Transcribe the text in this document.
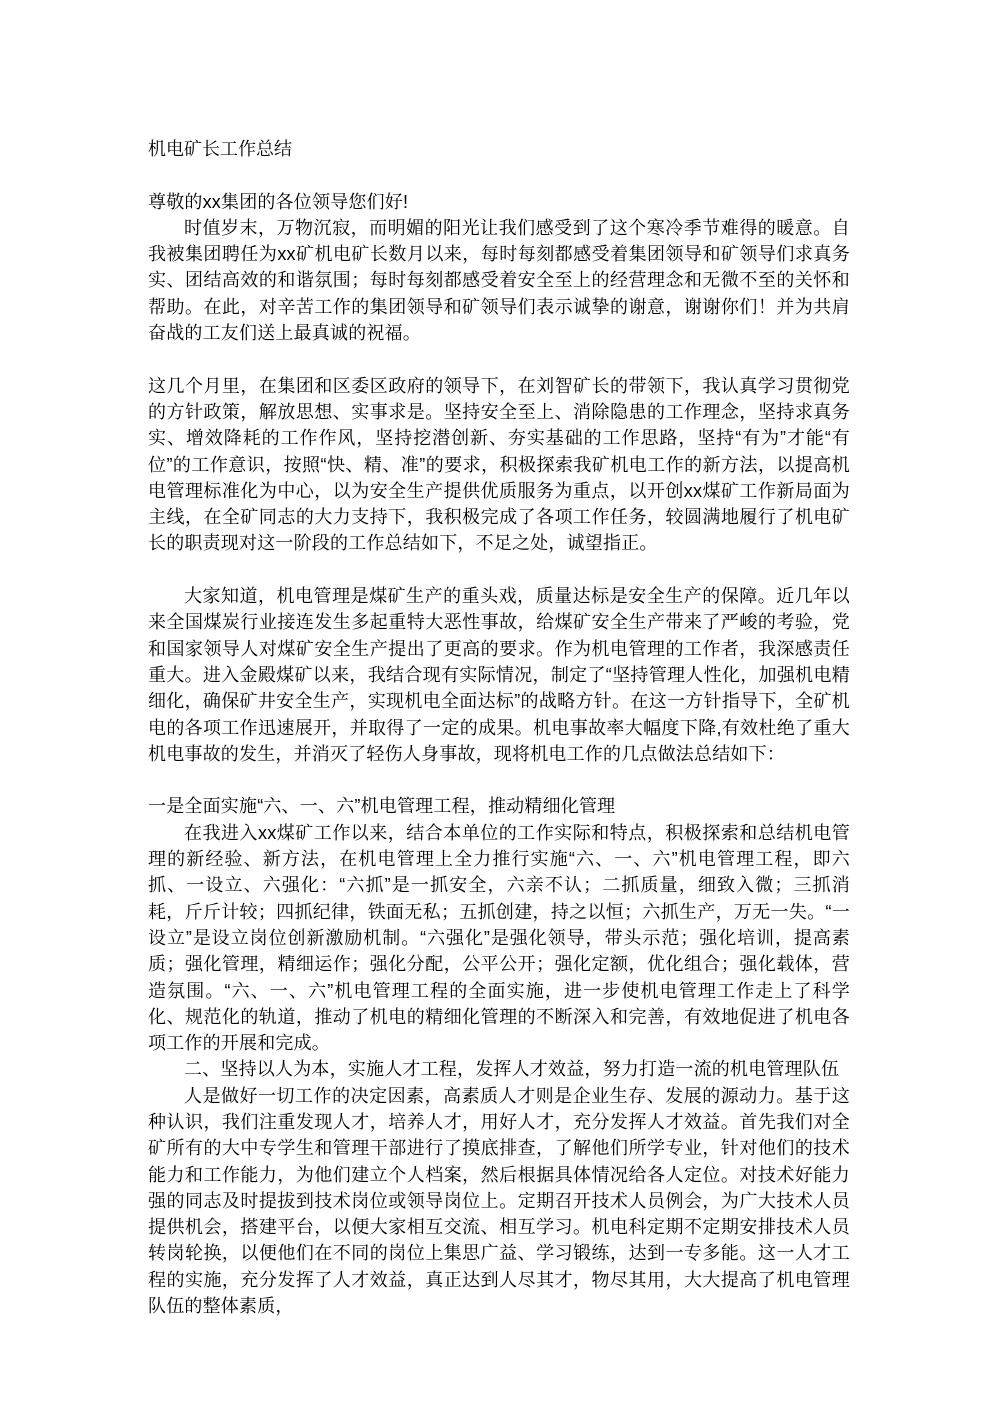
机电矿长工作总结

尊敬的xx集团的各位领导您们好!

时值岁末，万物沉寂，而明媚的阳光让我们感受到了这个寒冷季节难得的暖意。自我被集团聘任为xx矿机电矿长数月以来，每时每刻都感受着集团领导和矿领导们求真务实、团结高效的和谐氛围；每时每刻都感受着安全至上的经营理念和无微不至的关怀和帮助。在此，对辛苦工作的集团领导和矿领导们表示诚挚的谢意，谢谢你们！并为共肩奋战的工友们送上最真诚的祝福。

这几个月里，在集团和区委区政府的领导下，在刘智矿长的带领下，我认真学习贯彻党的方针政策，解放思想、实事求是。坚持安全至上、消除隐患的工作理念，坚持求真务实、增效降耗的工作作风，坚持挖潜创新、夯实基础的工作思路，坚持“有为”才能“有位”的工作意识，按照“快、精、准”的要求，积极探索我矿机电工作的新方法，以提高机电管理标准化为中心，以为安全生产提供优质服务为重点，以开创xx煤矿工作新局面为主线，在全矿同志的大力支持下，我积极完成了各项工作任务，较圆满地履行了机电矿长的职责现对这一阶段的工作总结如下，不足之处，诚望指正。

大家知道，机电管理是煤矿生产的重头戏，质量达标是安全生产的保障。近几年以来全国煤炭行业接连发生多起重特大恶性事故，给煤矿安全生产带来了严峻的考验，党和国家领导人对煤矿安全生产提出了更高的要求。作为机电管理的工作者，我深感责任重大。进入金殿煤矿以来，我结合现有实际情况，制定了“坚持管理人性化，加强机电精细化，确保矿井安全生产，实现机电全面达标”的战略方针。在这一方针指导下，全矿机电的各项工作迅速展开，并取得了一定的成果。机电事故率大幅度下降,有效杜绝了重大机电事故的发生，并消灭了轻伤人身事故，现将机电工作的几点做法总结如下：

一是全面实施“六、一、六”机电管理工程，推动精细化管理

在我进入xx煤矿工作以来，结合本单位的工作实际和特点，积极探索和总结机电管理的新经验、新方法，在机电管理上全力推行实施“六、一、六”机电管理工程，即六抓、一设立、六强化：“六抓”是一抓安全，六亲不认；二抓质量，细致入微；三抓消耗，斤斤计较；四抓纪律，铁面无私；五抓创建，持之以恒；六抓生产，万无一失。“一设立”是设立岗位创新激励机制。“六强化”是强化领导，带头示范；强化培训，提高素质；强化管理，精细运作；强化分配，公平公开；强化定额，优化组合；强化载体，营造氛围。“六、一、六”机电管理工程的全面实施，进一步使机电管理工作走上了科学化、规范化的轨道，推动了机电的精细化管理的不断深入和完善，有效地促进了机电各项工作的开展和完成。

二、坚持以人为本，实施人才工程，发挥人才效益，努力打造一流的机电管理队伍

人是做好一切工作的决定因素，高素质人才则是企业生存、发展的源动力。基于这种认识，我们注重发现人才，培养人才，用好人才，充分发挥人才效益。首先我们对全矿所有的大中专学生和管理干部进行了摸底排查，了解他们所学专业，针对他们的技术能力和工作能力，为他们建立个人档案，然后根据具体情况给各人定位。对技术好能力强的同志及时提拔到技术岗位或领导岗位上。定期召开技术人员例会，为广大技术人员提供机会，搭建平台，以便大家相互交流、相互学习。机电科定期不定期安排技术人员转岗轮换，以便他们在不同的岗位上集思广益、学习锻练，达到一专多能。这一人才工程的实施，充分发挥了人才效益，真正达到人尽其才，物尽其用，大大提高了机电管理队伍的整体素质，
